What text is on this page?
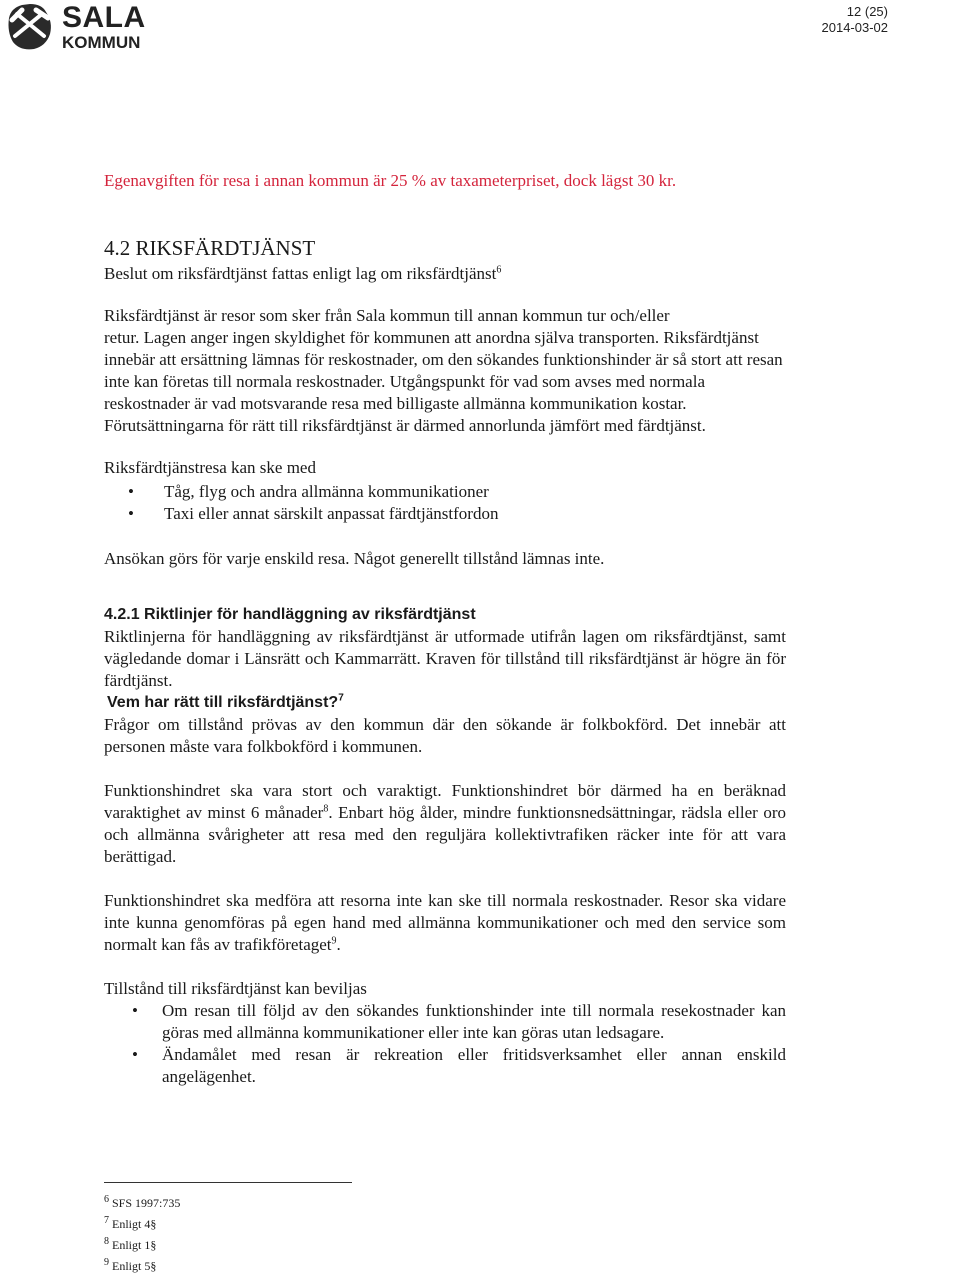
SALA
KOMMUN
12 (25)
2014-03-02

Egenavgiften för resa i annan kommun är 25 % av taxameterpriset, dock lägst 30 kr.

4.2 RIKSFÄRDTJÄNST

Beslut om riksfärdtjänst fattas enligt lag om riksfärdtjänst$^6$

Riksfärdtjänst är resor som sker från Sala kommun till annan kommun tur och/eller
retur. Lagen anger ingen skyldighet för kommunen att anordna själva transporten. Riksfärdtjänst innebär att ersättning lämnas för reskostnader, om den sökandes funktionshinder är så stort att resan inte kan företas till normala reskostnader. Utgångspunkt för vad som avses med normala reskostnader är vad motsvarande resa med billigaste allmänna kommunikation kostar. Förutsättningarna för rätt till riksfärdtjänst är därmed annorlunda jämfört med färdtjänst.

Riksfärdtjänstresa kan ske med

• Tåg, flyg och andra allmänna kommunikationer
• Taxi eller annat särskilt anpassat färdtjänstfordon

Ansökan görs för varje enskild resa. Något generellt tillstånd lämnas inte.

4.2.1 Riktlinjer för handläggning av riksfärdtjänst

Riktlinjerna för handläggning av riksfärdtjänst är utformade utifrån lagen om riksfärdtjänst, samt vägledande domar i Länsrätt och Kammarrätt. Kraven för tillstånd till riksfärdtjänst är högre än för färdtjänst.

Vem har rätt till riksfärdtjänst?$^7$

Frågor om tillstånd prövas av den kommun där den sökande är folkbokförd. Det innebär att personen måste vara folkbokförd i kommunen.

Funktionshindret ska vara stort och varaktigt. Funktionshindret bör därmed ha en beräknad varaktighet av minst 6 månader$^8$. Enbart hög ålder, mindre funktionsnedsättningar, rädsla eller oro och allmänna svårigheter att resa med den reguljära kollektivtrafiken räcker inte för att vara berättigad.

Funktionshindret ska medföra att resorna inte kan ske till normala reskostnader. Resor ska vidare inte kunna genomföras på egen hand med allmänna kommunikationer och med den service som normalt kan fås av trafikföretaget$^9$.

Tillstånd till riksfärdtjänst kan beviljas

• Om resan till följd av den sökandes funktionshinder inte till normala resekostnader kan göras med allmänna kommunikationer eller inte kan göras utan ledsagare.
• Ändamålet med resan är rekreation eller fritidsverksamhet eller annan enskild angelägenhet.
$^6$ SFS 1997:735
$^7$ Enligt 4§
$^8$ Enligt 1§
$^9$ Enligt 5§
